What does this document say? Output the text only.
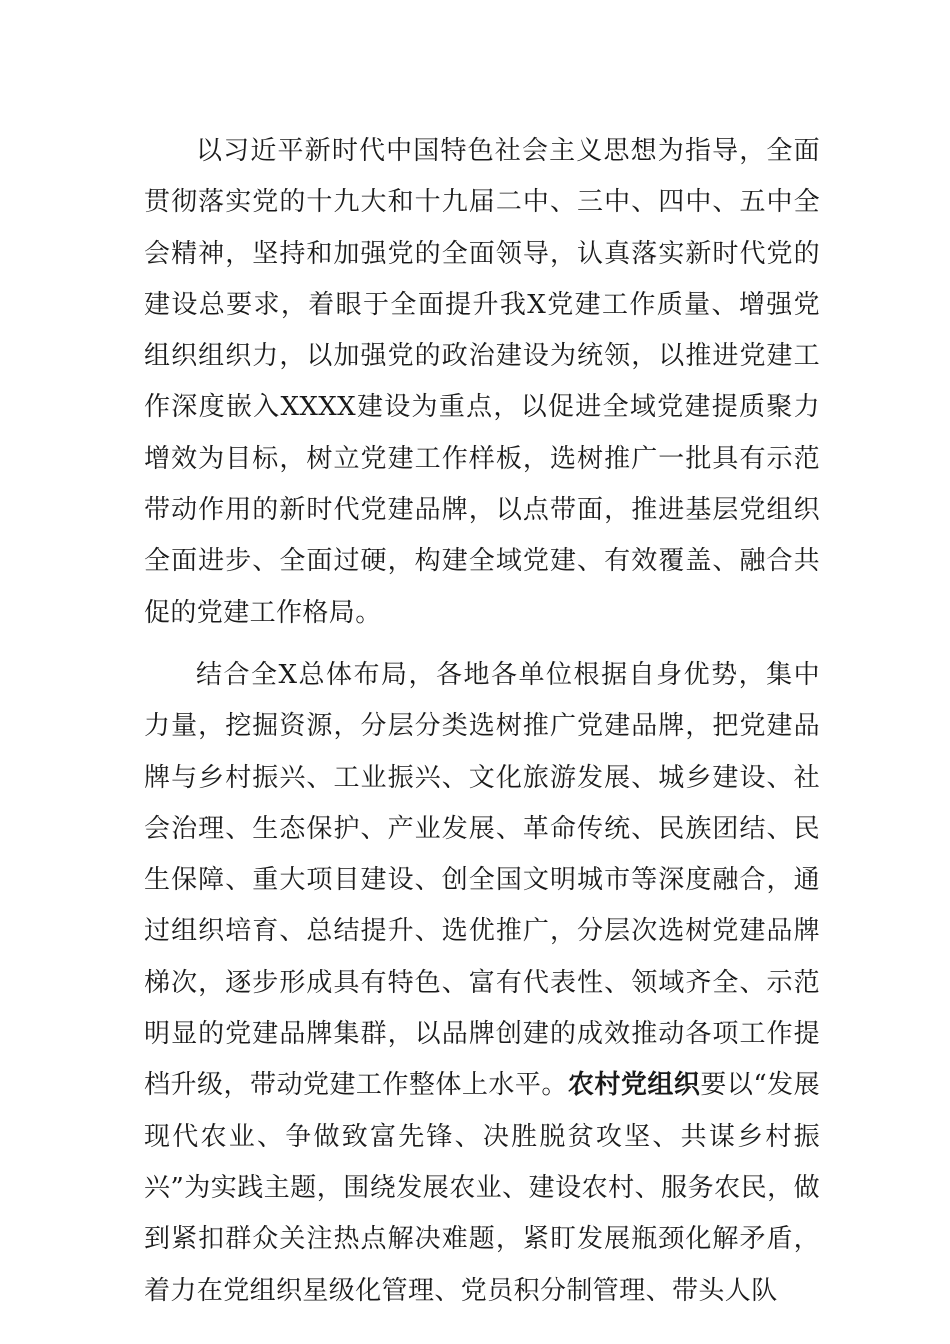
以习近平新时代中国特色社会主义思想为指导，全面贯彻落实党的十九大和十九届二中、三中、四中、五中全会精神，坚持和加强党的全面领导，认真落实新时代党的建设总要求，着眼于全面提升我X党建工作质量、增强党组织组织力，以加强党的政治建设为统领，以推进党建工作深度嵌入XXXX建设为重点，以促进全域党建提质聚力增效为目标，树立党建工作样板，选树推广一批具有示范带动作用的新时代党建品牌，以点带面，推进基层党组织全面进步、全面过硬，构建全域党建、有效覆盖、融合共促的党建工作格局。

结合全X总体布局，各地各单位根据自身优势，集中力量，挖掘资源，分层分类选树推广党建品牌，把党建品牌与乡村振兴、工业振兴、文化旅游发展、城乡建设、社会治理、生态保护、产业发展、革命传统、民族团结、民生保障、重大项目建设、创全国文明城市等深度融合，通过组织培育、总结提升、选优推广，分层次选树党建品牌梯次，逐步形成具有特色、富有代表性、领域齐全、示范明显的党建品牌集群，以品牌创建的成效推动各项工作提档升级，带动党建工作整体上水平。农村党组织要以“发展现代农业、争做致富先锋、决胜脱贫攻坚、共谋乡村振兴”为实践主题，围绕发展农业、建设农村、服务农民，做到紧扣群众关注热点解决难题，紧盯发展瓶颈化解矛盾，着力在党组织星级化管理、党员积分制管理、带头人队
